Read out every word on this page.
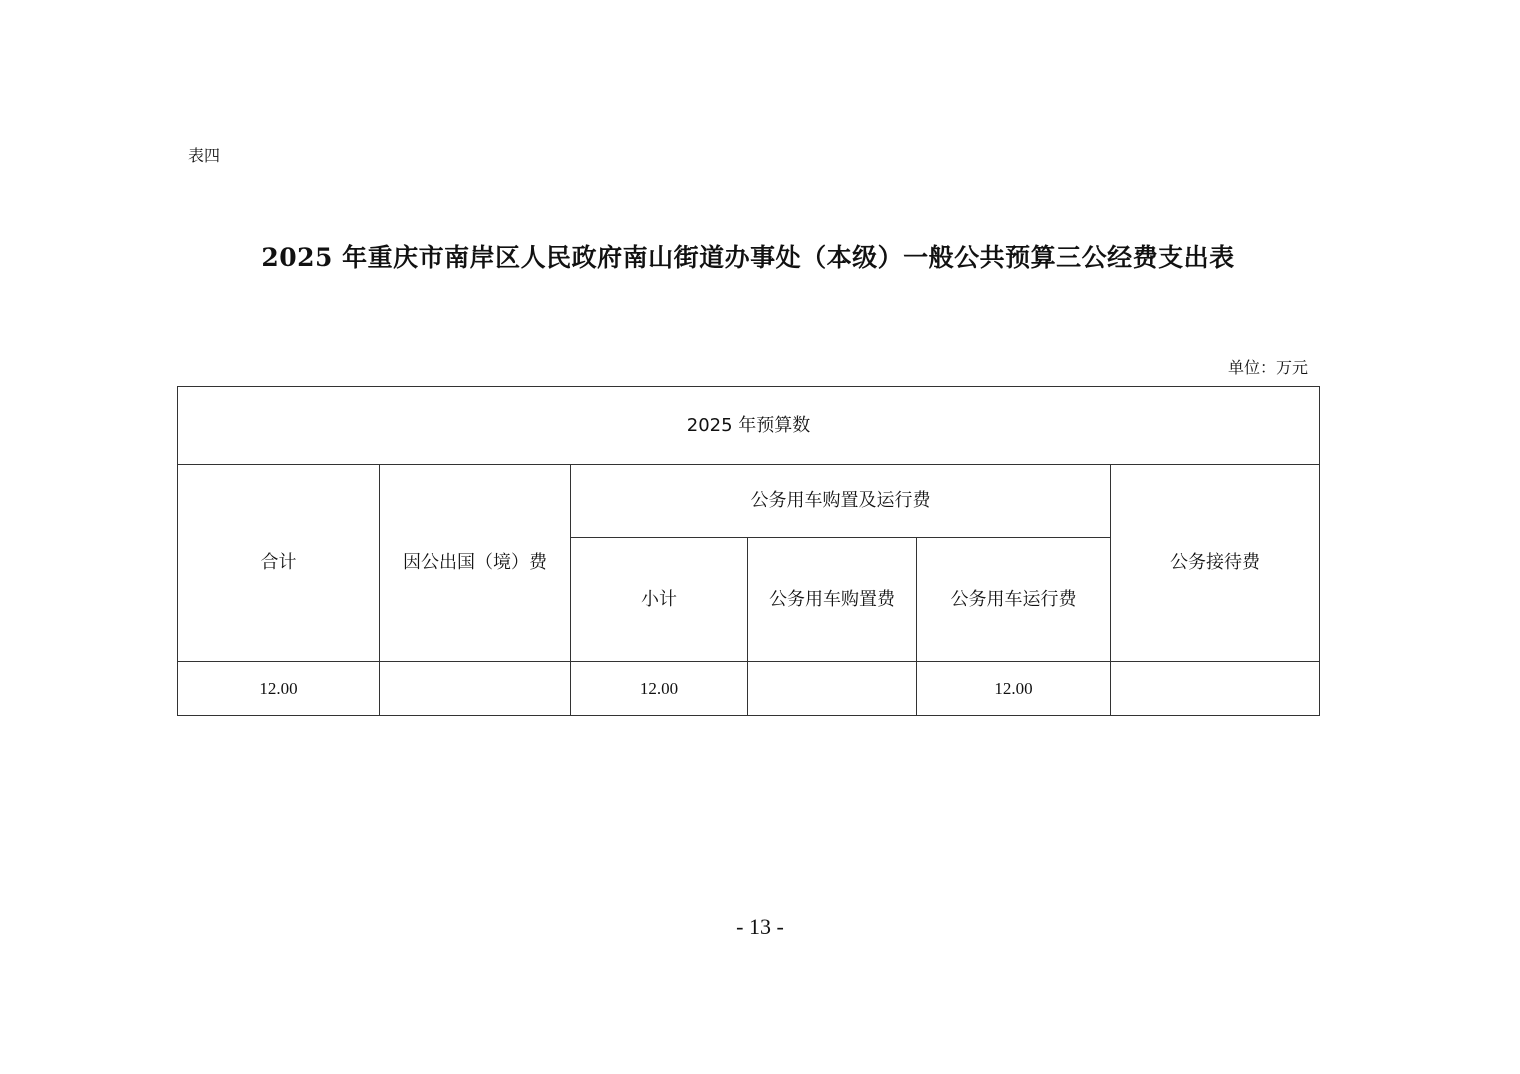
表四
2025 年重庆市南岸区人民政府南山街道办事处（本级）一般公共预算三公经费支出表
单位：万元
2025 年预算数					
合计	因公出国（境）费	公务用车购置及运行费			公务接待费
		小计	公务用车购置费	公务用车运行费	
12.00		12.00		12.00	
- 13 -
